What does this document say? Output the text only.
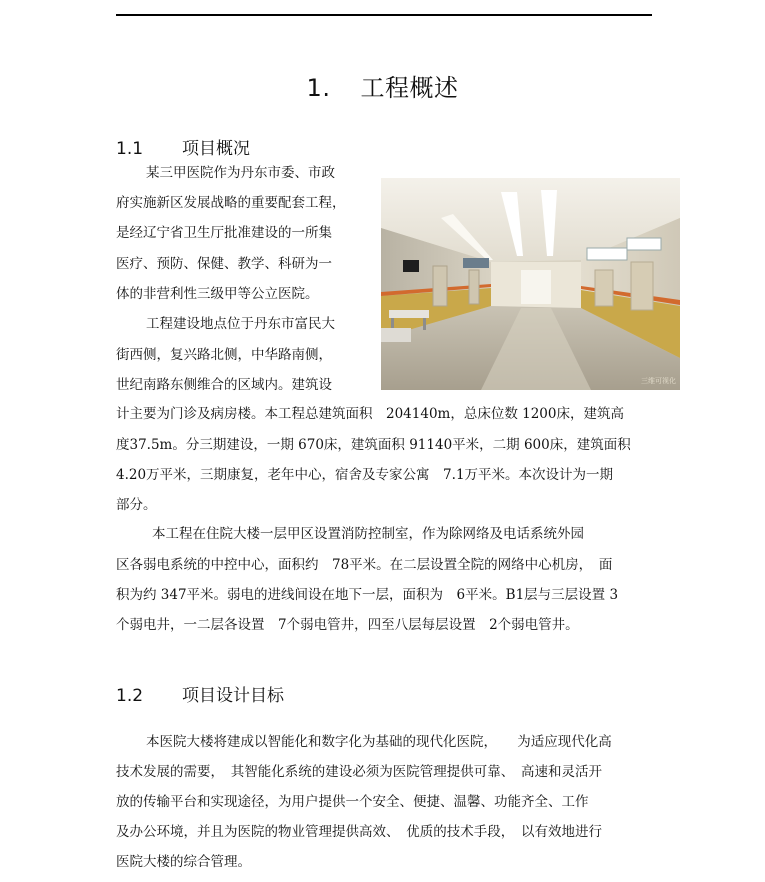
1. 工程概述
1.1 项目概况
某三甲医院作为丹东市委、市政
府实施新区发展战略的重要配套工程，
是经辽宁省卫生厅批准建设的一所集
医疗、预防、保健、教学、科研为一
体的非营利性三级甲等公立医院。
工程建设地点位于丹东市富民大
街西侧，复兴路北侧，中华路南侧，
世纪南路东侧维合的区域内。建筑设
计主要为门诊及病房楼。本工程总建筑面积　204140m，总床位数 1200床，建筑高
度37.5m。分三期建设，一期 670床，建筑面积 91140平米，二期 600床，建筑面积
4.20万平米，三期康复，老年中心，宿舍及专家公寓　7.1万平米。本次设计为一期
部分。
本工程在住院大楼一层甲区设置消防控制室，作为除网络及电话系统外园
区各弱电系统的中控中心，面积约　78平米。在二层设置全院的网络中心机房，　面
积为约 347平米。弱电的进线间设在地下一层，面积为　6平米。B1层与三层设置 3
个弱电井，一二层各设置　7个弱电管井，四至八层每层设置　2个弱电管井。
1.2 项目设计目标
本医院大楼将建成以智能化和数字化为基础的现代化医院，　　为适应现代化高
技术发展的需要，　其智能化系统的建设必须为医院管理提供可靠、　高速和灵活开
放的传输平台和实现途径，为用户提供一个安全、便捷、温馨、功能齐全、工作
及办公环境，并且为医院的物业管理提供高效、　优质的技术手段，　以有效地进行
医院大楼的综合管理。
三维可视化
